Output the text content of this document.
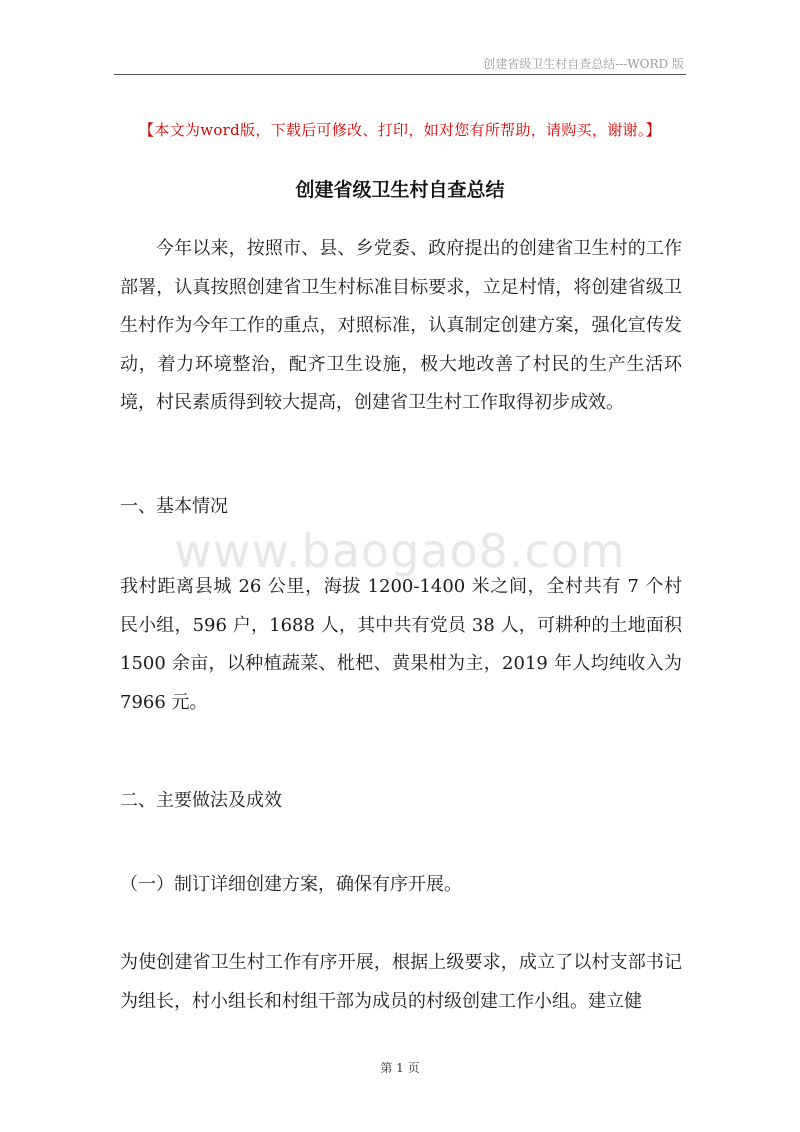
创建省级卫生村自查总结---WORD 版
【本文为word版，下载后可修改、打印，如对您有所帮助，请购买，谢谢。】
创建省级卫生村自查总结
今年以来，按照市、县、乡党委、政府提出的创建省卫生村的工作部署，认真按照创建省卫生村标准目标要求，立足村情，将创建省级卫生村作为今年工作的重点，对照标准，认真制定创建方案，强化宣传发动，着力环境整治，配齐卫生设施，极大地改善了村民的生产生活环境，村民素质得到较大提高，创建省卫生村工作取得初步成效。
一、基本情况
www.baogao8.com
我村距离县城 26 公里，海拔 1200-1400 米之间，全村共有 7 个村民小组，596 户，1688 人，其中共有党员 38 人，可耕种的土地面积 1500 余亩，以种植蔬菜、枇杷、黄果柑为主，2019 年人均纯收入为 7966 元。
二、主要做法及成效
（一）制订详细创建方案，确保有序开展。
为使创建省卫生村工作有序开展，根据上级要求，成立了以村支部书记为组长，村小组长和村组干部为成员的村级创建工作小组。建立健
第 1 页
